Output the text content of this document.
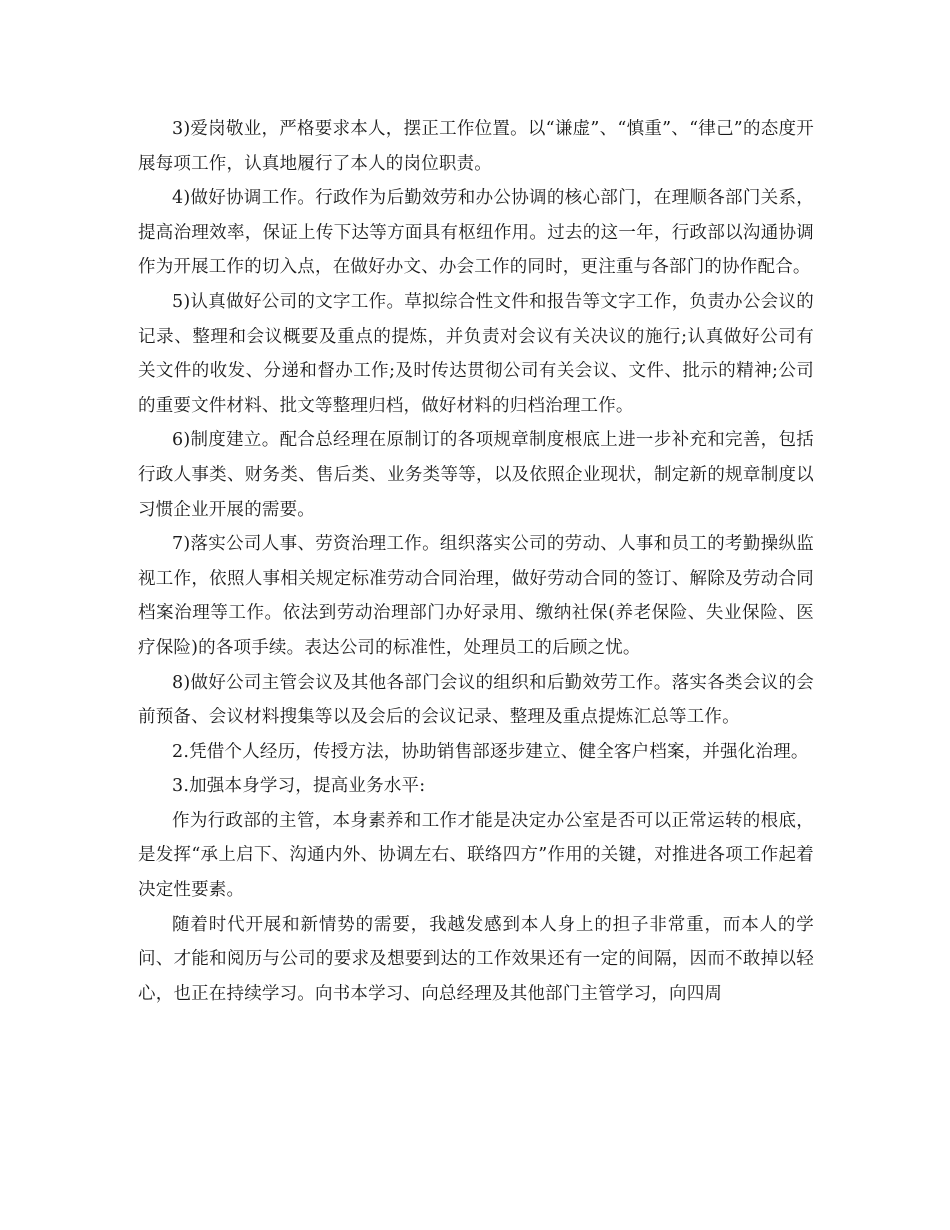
3)爱岗敬业，严格要求本人，摆正工作位置。以“谦虚”、“慎重”、“律己”的态度开展每项工作，认真地履行了本人的岗位职责。

4)做好协调工作。行政作为后勤效劳和办公协调的核心部门，在理顺各部门关系，提高治理效率，保证上传下达等方面具有枢纽作用。过去的这一年，行政部以沟通协调作为开展工作的切入点，在做好办文、办会工作的同时，更注重与各部门的协作配合。

5)认真做好公司的文字工作。草拟综合性文件和报告等文字工作，负责办公会议的记录、整理和会议概要及重点的提炼，并负责对会议有关决议的施行;认真做好公司有关文件的收发、分递和督办工作;及时传达贯彻公司有关会议、文件、批示的精神;公司的重要文件材料、批文等整理归档，做好材料的归档治理工作。

6)制度建立。配合总经理在原制订的各项规章制度根底上进一步补充和完善，包括行政人事类、财务类、售后类、业务类等等，以及依照企业现状，制定新的规章制度以习惯企业开展的需要。

7)落实公司人事、劳资治理工作。组织落实公司的劳动、人事和员工的考勤操纵监视工作，依照人事相关规定标准劳动合同治理，做好劳动合同的签订、解除及劳动合同档案治理等工作。依法到劳动治理部门办好录用、缴纳社保(养老保险、失业保险、医疗保险)的各项手续。表达公司的标准性，处理员工的后顾之忧。

8)做好公司主管会议及其他各部门会议的组织和后勤效劳工作。落实各类会议的会前预备、会议材料搜集等以及会后的会议记录、整理及重点提炼汇总等工作。

2.凭借个人经历，传授方法，协助销售部逐步建立、健全客户档案，并强化治理。

3.加强本身学习，提高业务水平:

作为行政部的主管，本身素养和工作才能是决定办公室是否可以正常运转的根底，是发挥“承上启下、沟通内外、协调左右、联络四方”作用的关键，对推进各项工作起着决定性要素。

随着时代开展和新情势的需要，我越发感到本人身上的担子非常重，而本人的学问、才能和阅历与公司的要求及想要到达的工作效果还有一定的间隔，因而不敢掉以轻心，也正在持续学习。向书本学习、向总经理及其他部门主管学习，向四周
